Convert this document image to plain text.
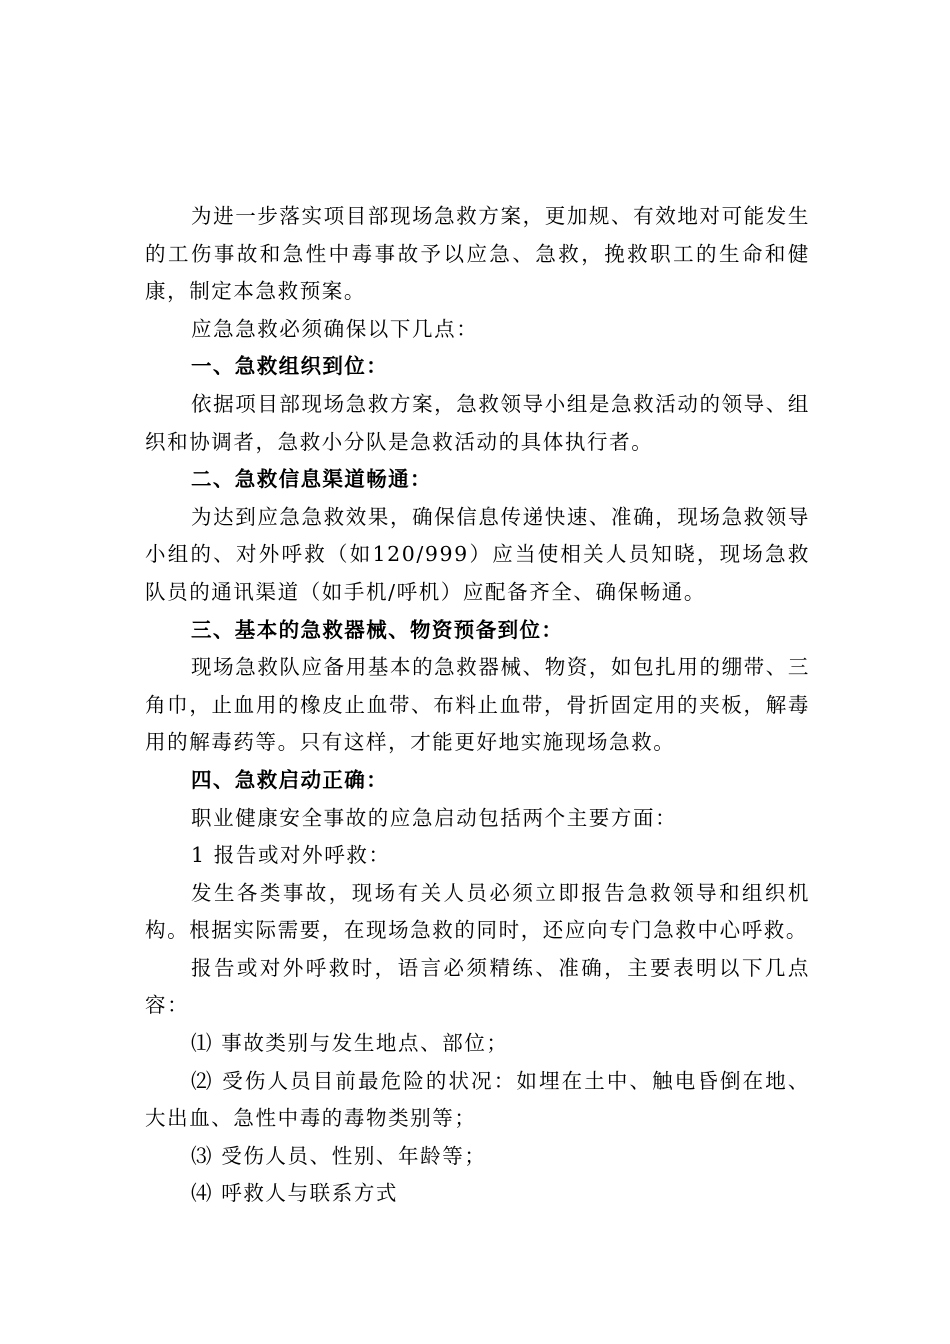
为进一步落实项目部现场急救方案，更加规、有效地对可能发生的工伤事故和急性中毒事故予以应急、急救，挽救职工的生命和健康，制定本急救预案。

应急急救必须确保以下几点：

一、急救组织到位：

依据项目部现场急救方案，急救领导小组是急救活动的领导、组织和协调者，急救小分队是急救活动的具体执行者。

二、急救信息渠道畅通：

为达到应急急救效果，确保信息传递快速、准确，现场急救领导小组的、对外呼救（如120/999）应当使相关人员知晓，现场急救队员的通讯渠道（如手机/呼机）应配备齐全、确保畅通。

三、基本的急救器械、物资预备到位：

现场急救队应备用基本的急救器械、物资，如包扎用的绷带、三角巾，止血用的橡皮止血带、布料止血带，骨折固定用的夹板，解毒用的解毒药等。只有这样，才能更好地实施现场急救。

四、急救启动正确：

职业健康安全事故的应急启动包括两个主要方面：

1 报告或对外呼救：

发生各类事故，现场有关人员必须立即报告急救领导和组织机构。根据实际需要，在现场急救的同时，还应向专门急救中心呼救。

报告或对外呼救时，语言必须精练、准确，主要表明以下几点容：

⑴ 事故类别与发生地点、部位；

⑵ 受伤人员目前最危险的状况：如埋在土中、触电昏倒在地、大出血、急性中毒的毒物类别等；

⑶ 受伤人员、性别、年龄等；

⑷ 呼救人与联系方式
